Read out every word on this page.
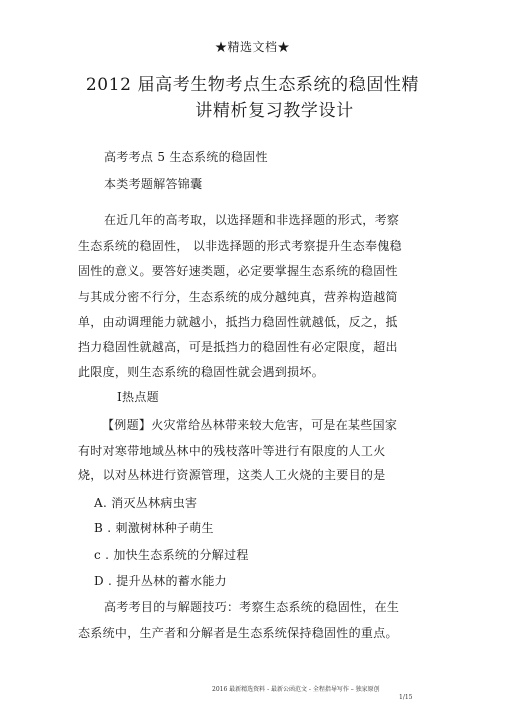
★精选文档★
2012 届高考生物考点生态系统的稳固性精
讲精析复习教学设计
高考考点 5 生态系统的稳固性
本类考题解答锦囊
在近几年的高考取，以选择题和非选择题的形式，考察
生态系统的稳固性， 以非选择题的形式考察提升生态奉傀稳
固性的意义。要答好速类题，必定要掌握生态系统的稳固性
与其成分密不行分，生态系统的成分越纯真，营养构造越简
单，由动调理能力就越小，抵挡力稳固性就越低，反之，抵
挡力稳固性就越高，可是抵挡力的稳固性有必定限度，超出
此限度，则生态系统的稳固性就会遇到损坏。
Ⅰ热点题
【例题】火灾常给丛林带来较大危害，可是在某些国家
有时对寒带地域丛林中的残枝落叶等进行有限度的人工火
烧，以对丛林进行资源管理，这类人工火烧的主要目的是
A. 消灭丛林病虫害
B . 刺激树林种子萌生
c . 加快生态系统的分解过程
D . 提升丛林的蓄水能力
高考考目的与解题技巧：考察生态系统的稳固性，在生
态系统中，生产者和分解者是生态系统保持稳固性的重点。
2016 最新精选资料 - 最新公函范文 - 全程指导写作 – 独家原创
1/15
